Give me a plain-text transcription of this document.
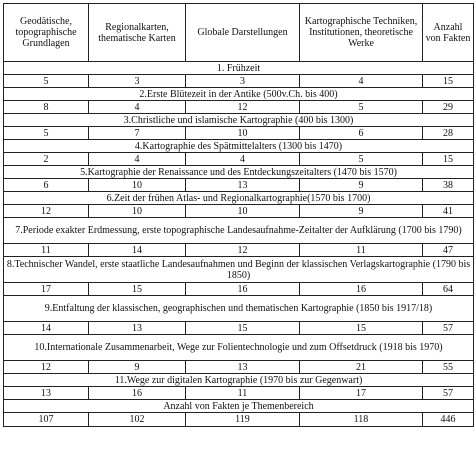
Geodätische, topographische Grundlagen	Regionalkarten, thematische Karten	Globale Darstellungen	Kartographische Techniken, Institutionen, theoretische Werke	Anzahl von Fakten
1. Frühzeit				
5	3	3	4	15
2.Erste Blütezeit in der Antike (500v.Ch. bis 400)				
8	4	12	5	29
3.Christliche und islamische Kartographie (400 bis 1300)				
5	7	10	6	28
4.Kartographie des Spätmittelalters (1300 bis 1470)				
2	4	4	5	15
5.Kartographie der Renaissance und des Entdeckungszeitalters (1470 bis 1570)				
6	10	13	9	38
6.Zeit der frühen Atlas- und Regionalkartographie(1570 bis 1700)				
12	10	10	9	41
7.Periode exakter Erdmessung, erste topographische Landesaufnahme-Zeitalter der Aufklärung (1700 bis 1790)				
11	14	12	11	47
8.Technischer Wandel, erste staatliche Landesaufnahmen und Beginn der klassischen Verlagskartographie (1790 bis 1850)				
17	15	16	16	64
9.Entfaltung der klassischen, geographischen und thematischen Kartographie (1850 bis 1917/18)				
14	13	15	15	57
10.Internationale Zusammenarbeit, Wege zur Folientechnologie und zum Offsetdruck (1918 bis 1970)				
12	9	13	21	55
11.Wege zur digitalen Kartographie (1970 bis zur Gegenwart)				
13	16	11	17	57
Anzahl von Fakten je Themenbereich				
107	102	119	118	446
